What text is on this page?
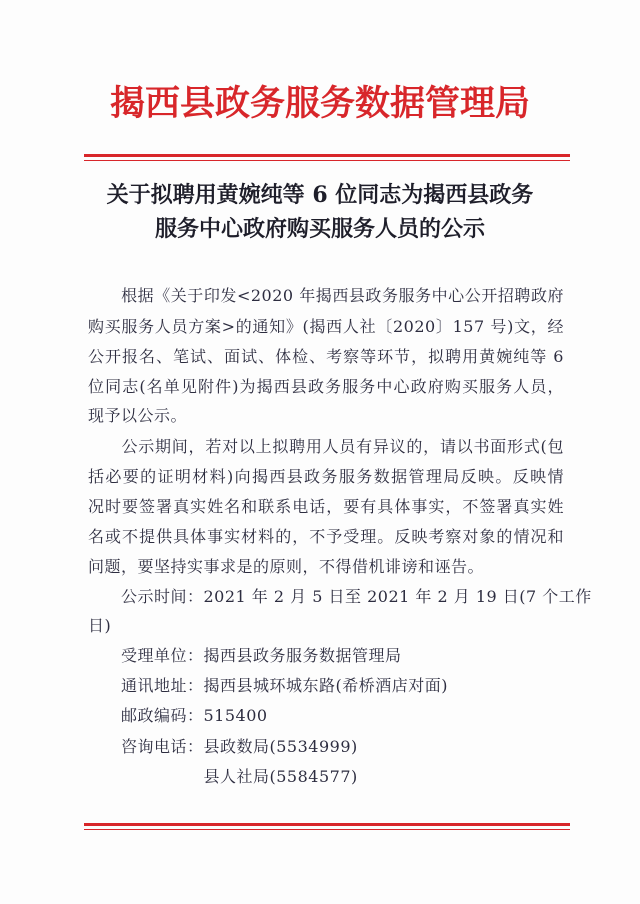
揭西县政务服务数据管理局
关于拟聘用黄婉纯等 6 位同志为揭西县政务
服务中心政府购买服务人员的公示
　　根据《关于印发<2020 年揭西县政务服务中心公开招聘政府
购买服务人员方案>的通知》(揭西人社〔2020〕157 号)文，经
公开报名、笔试、面试、体检、考察等环节，拟聘用黄婉纯等 6
位同志(名单见附件)为揭西县政务服务中心政府购买服务人员，
现予以公示。
　　公示期间，若对以上拟聘用人员有异议的，请以书面形式(包
括必要的证明材料)向揭西县政务服务数据管理局反映。反映情
况时要签署真实姓名和联系电话，要有具体事实，不签署真实姓
名或不提供具体事实材料的，不予受理。反映考察对象的情况和
问题，要坚持实事求是的原则，不得借机诽谤和诬告。
　　公示时间：2021 年 2 月 5 日至 2021 年 2 月 19 日(7 个工作
日)
　　受理单位：揭西县政务服务数据管理局
　　通讯地址：揭西县城环城东路(希桥酒店对面)
　　邮政编码：515400
　　咨询电话：县政数局(5534999)
　　　　　　　县人社局(5584577)
